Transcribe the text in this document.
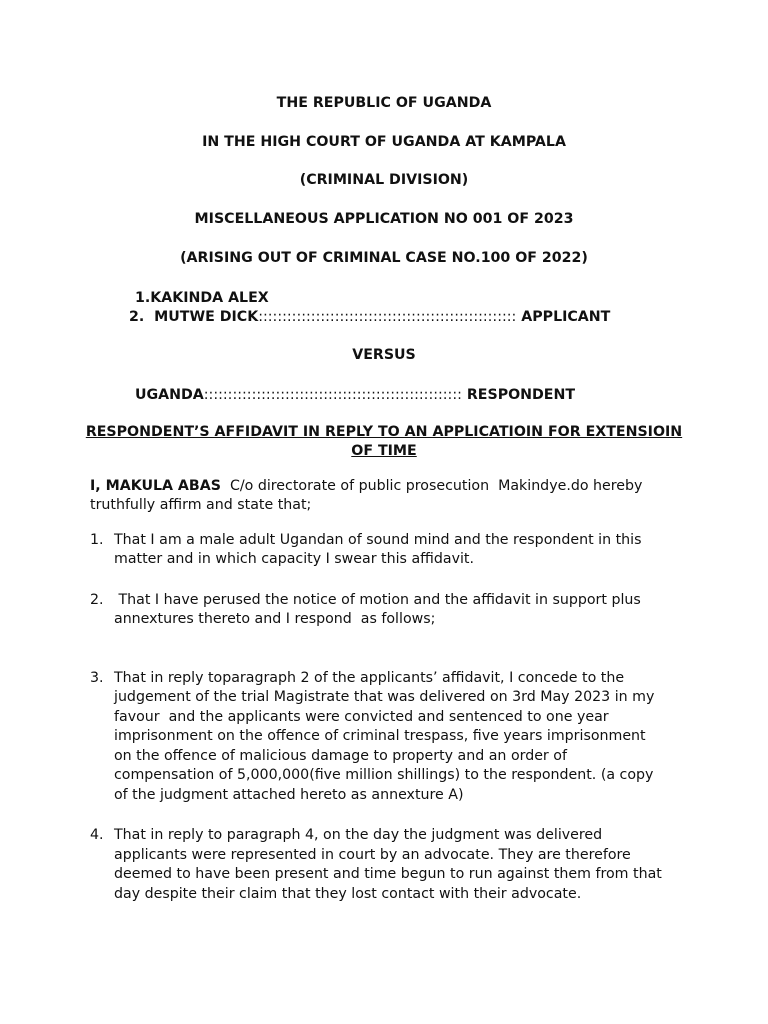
THE REPUBLIC OF UGANDA
IN THE HIGH COURT OF UGANDA AT KAMPALA
(CRIMINAL DIVISION)
MISCELLANEOUS APPLICATION NO 001 OF 2023
(ARISING OUT OF CRIMINAL CASE NO.100 OF 2022)
1.KAKINDA ALEX
2. MUTWE DICK:::::::::::::::::::::::::::::::::::::::::::::::::::::: APPLICANT
VERSUS
UGANDA:::::::::::::::::::::::::::::::::::::::::::::::::::::: RESPONDENT
RESPONDENT’S AFFIDAVIT IN REPLY TO AN APPLICATIOIN FOR EXTENSIOIN
OF TIME
I, MAKULA ABAS  C/o directorate of public prosecution  Makindye.do hereby
truthfully affirm and state that;
1. That I am a male adult Ugandan of sound mind and the respondent in this
matter and in which capacity I swear this affidavit.
2. That I have perused the notice of motion and the affidavit in support plus
annextures thereto and I respond  as follows;
3. That in reply toparagraph 2 of the applicants’ affidavit, I concede to the
judgement of the trial Magistrate that was delivered on 3rd May 2023 in my
favour  and the applicants were convicted and sentenced to one year
imprisonment on the offence of criminal trespass, five years imprisonment
on the offence of malicious damage to property and an order of
compensation of 5,000,000(five million shillings) to the respondent. (a copy
of the judgment attached hereto as annexture A)
4. That in reply to paragraph 4, on the day the judgment was delivered
applicants were represented in court by an advocate. They are therefore
deemed to have been present and time begun to run against them from that
day despite their claim that they lost contact with their advocate.
